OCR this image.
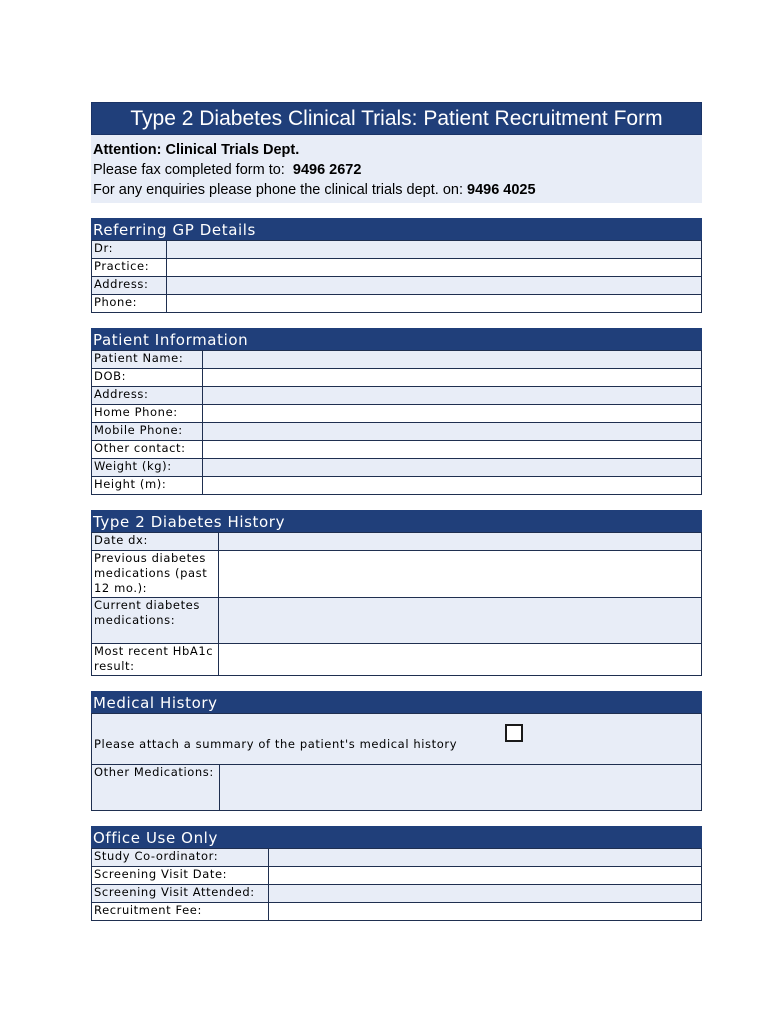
Type 2 Diabetes Clinical Trials: Patient Recruitment Form
Attention: Clinical Trials Dept.
Please fax completed form to: 9496 2672
For any enquiries please phone the clinical trials dept. on: 9496 4025
Referring GP Details
Dr:	
Practice:	
Address:	
Phone:	
Patient Information
Patient Name:	
DOB:	
Address:	
Home Phone:	
Mobile Phone:	
Other contact:	
Weight (kg):	
Height (m):	
Type 2 Diabetes History
Date dx:	
Previous diabetes medications (past 12 mo.):	
Current diabetes medications:	
Most recent HbA1c result:	
Medical History
Please attach a summary of the patient's medical history

Other Medications:	
Office Use Only
Study Co-ordinator:	
Screening Visit Date:	
Screening Visit Attended:	
Recruitment Fee:	
